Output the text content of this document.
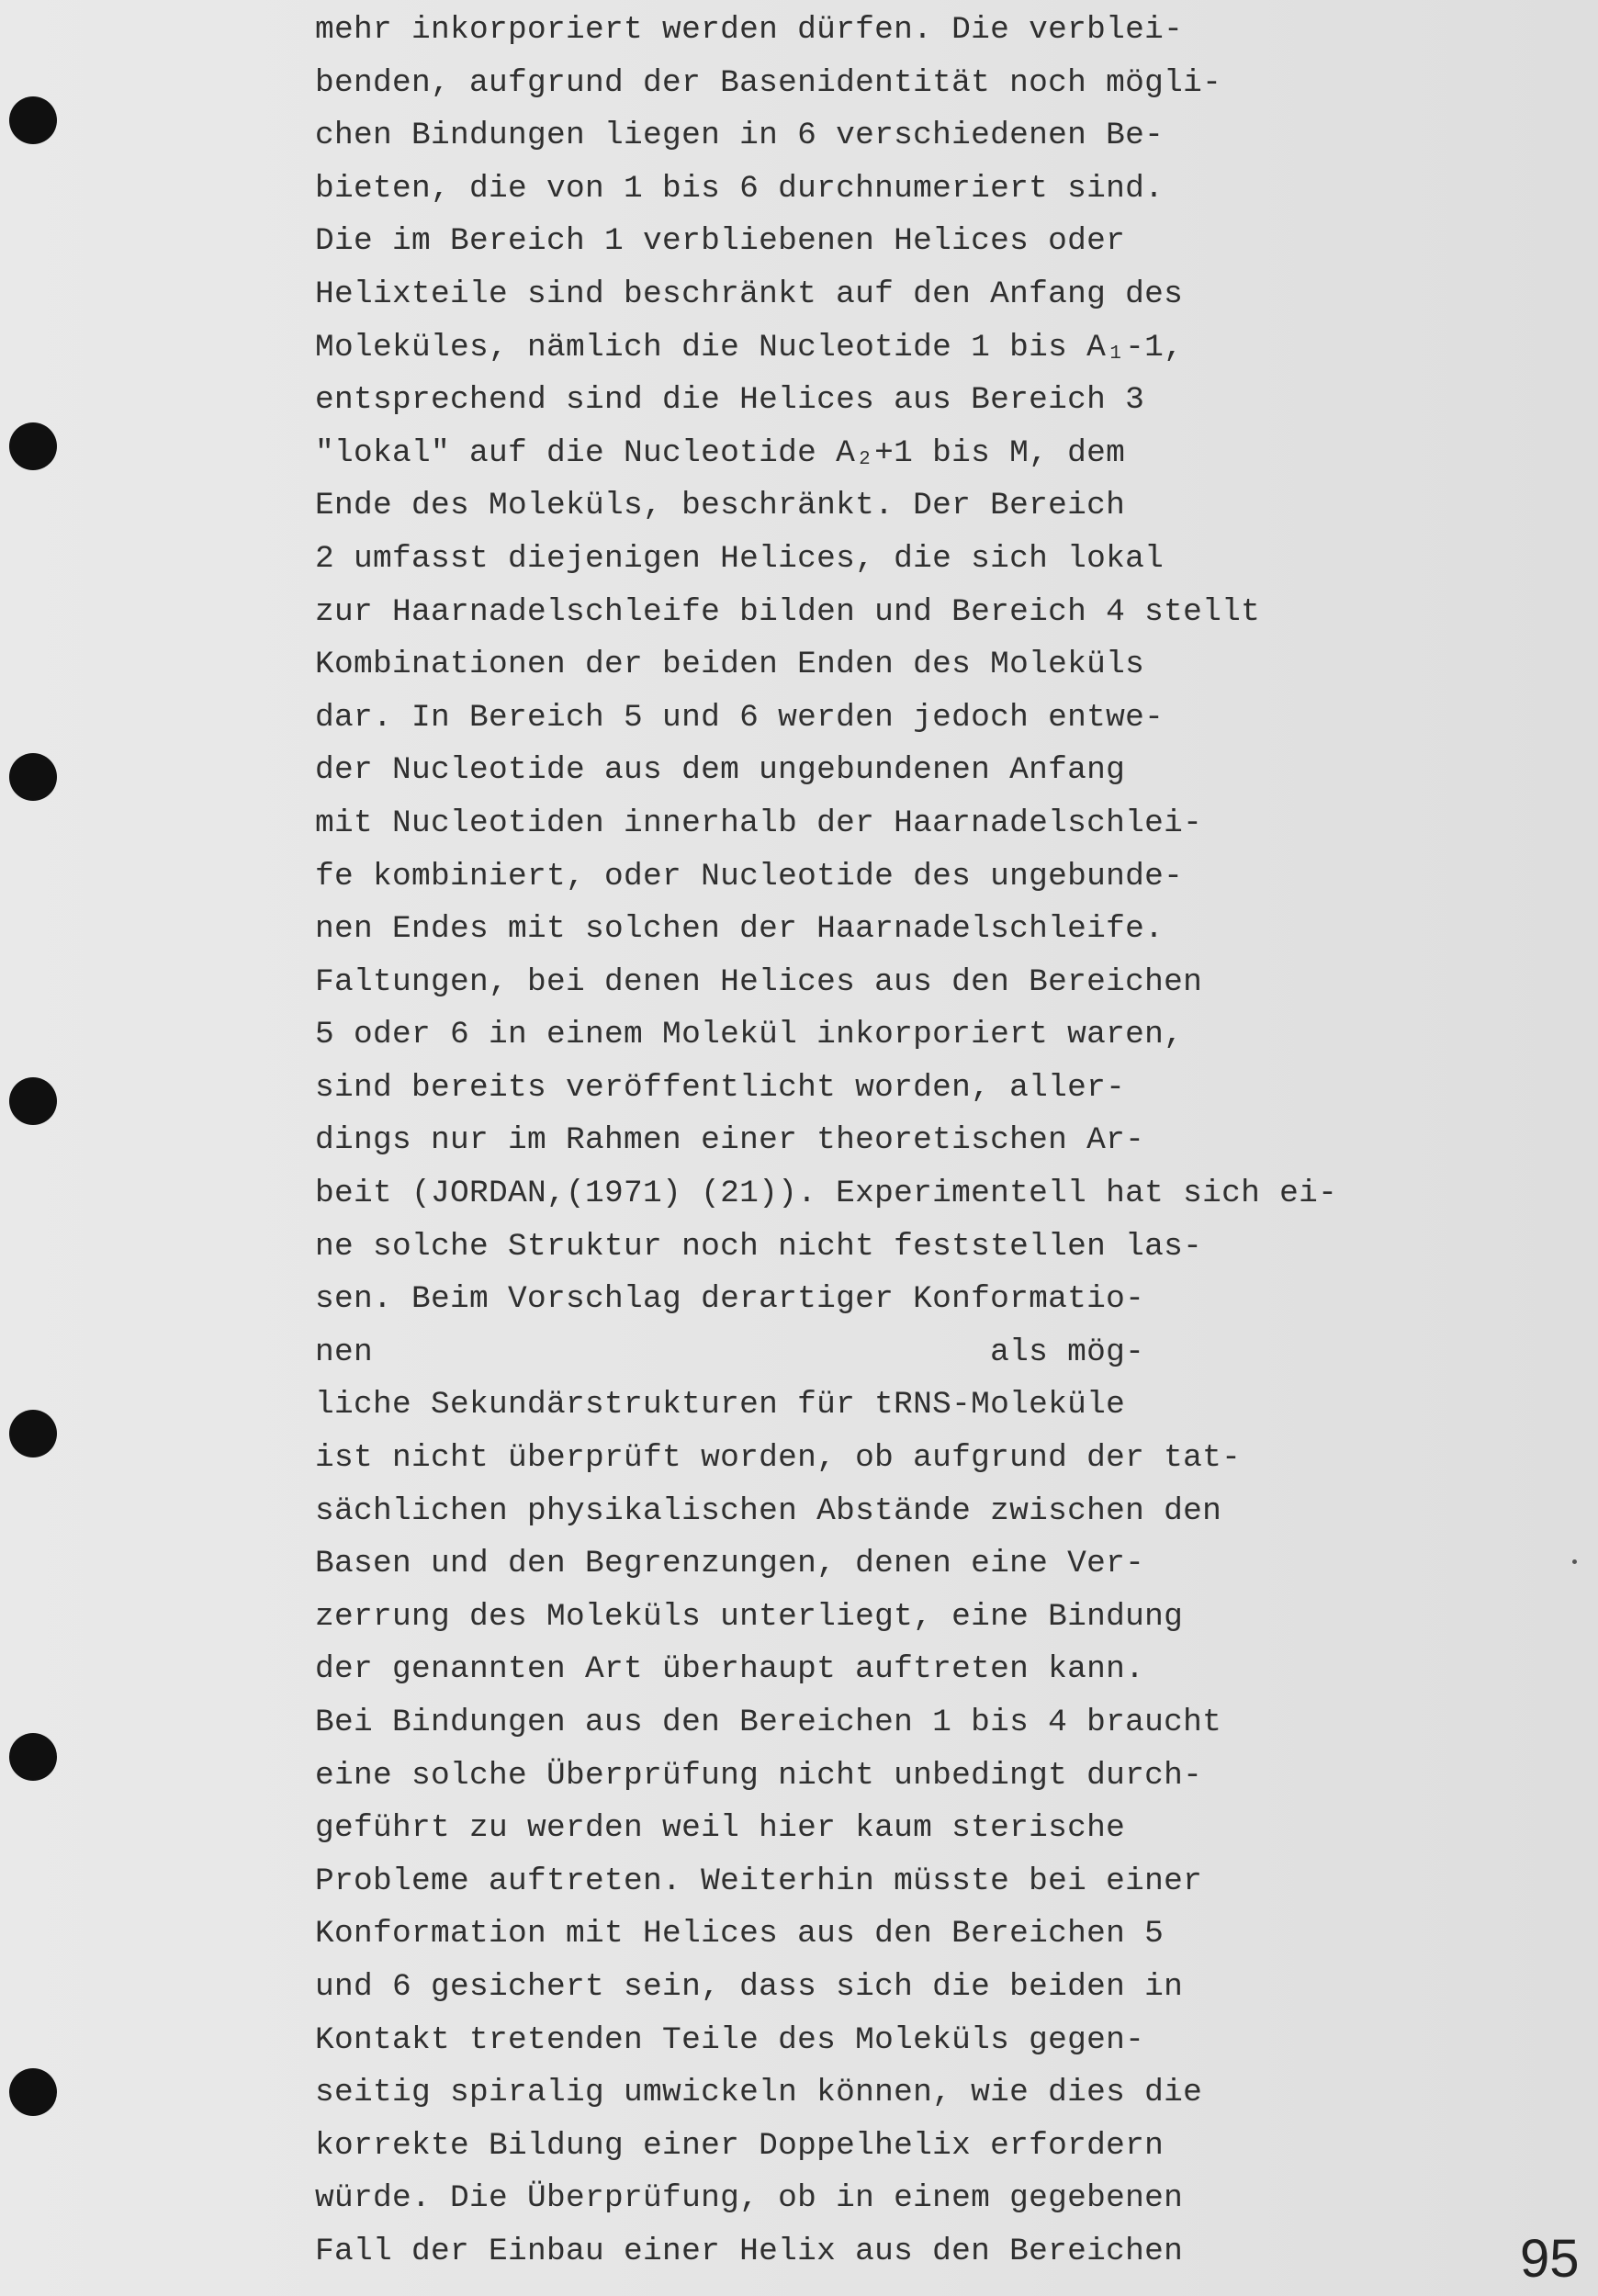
mehr inkorporiert werden dürfen. Die verblei-
benden, aufgrund der Basenidentität noch mögli-
chen Bindungen liegen in 6 verschiedenen Be-
bieten, die von 1 bis 6 durchnumeriert sind.
Die im Bereich 1 verbliebenen Helices oder
Helixteile sind beschränkt auf den Anfang des
Moleküles, nämlich die Nucleotide 1 bis A₁-1,
entsprechend sind die Helices aus Bereich 3
"lokal" auf die Nucleotide A₂+1 bis M, dem
Ende des Moleküls, beschränkt. Der Bereich
2 umfasst diejenigen Helices, die sich lokal
zur Haarnadelschleife bilden und Bereich 4 stellt
Kombinationen der beiden Enden des Moleküls
dar. In Bereich 5 und 6 werden jedoch entwe-
der Nucleotide aus dem ungebundenen Anfang
mit Nucleotiden innerhalb der Haarnadelschlei-
fe kombiniert, oder Nucleotide des ungebunde-
nen Endes mit solchen der Haarnadelschleife.
Faltungen, bei denen Helices aus den Bereichen
5 oder 6 in einem Molekül inkorporiert waren,
sind bereits veröffentlicht worden, aller-
dings nur im Rahmen einer theoretischen Ar-
beit (JORDAN,(1971) (21)). Experimentell hat sich ei-
ne solche Struktur noch nicht feststellen las-
sen. Beim Vorschlag derartiger Konformatio-
nen                                als mög-
liche Sekundärstrukturen für tRNS-Moleküle
ist nicht überprüft worden, ob aufgrund der tat-
sächlichen physikalischen Abstände zwischen den
Basen und den Begrenzungen, denen eine Ver-
zerrung des Moleküls unterliegt, eine Bindung
der genannten Art überhaupt auftreten kann.
Bei Bindungen aus den Bereichen 1 bis 4 braucht
eine solche Überprüfung nicht unbedingt durch-
geführt zu werden weil hier kaum sterische
Probleme auftreten. Weiterhin müsste bei einer
Konformation mit Helices aus den Bereichen 5
und 6 gesichert sein, dass sich die beiden in
Kontakt tretenden Teile des Moleküls gegen-
seitig spiralig umwickeln können, wie dies die
korrekte Bildung einer Doppelhelix erfordern
würde. Die Überprüfung, ob in einem gegebenen
Fall der Einbau einer Helix aus den Bereichen	95
